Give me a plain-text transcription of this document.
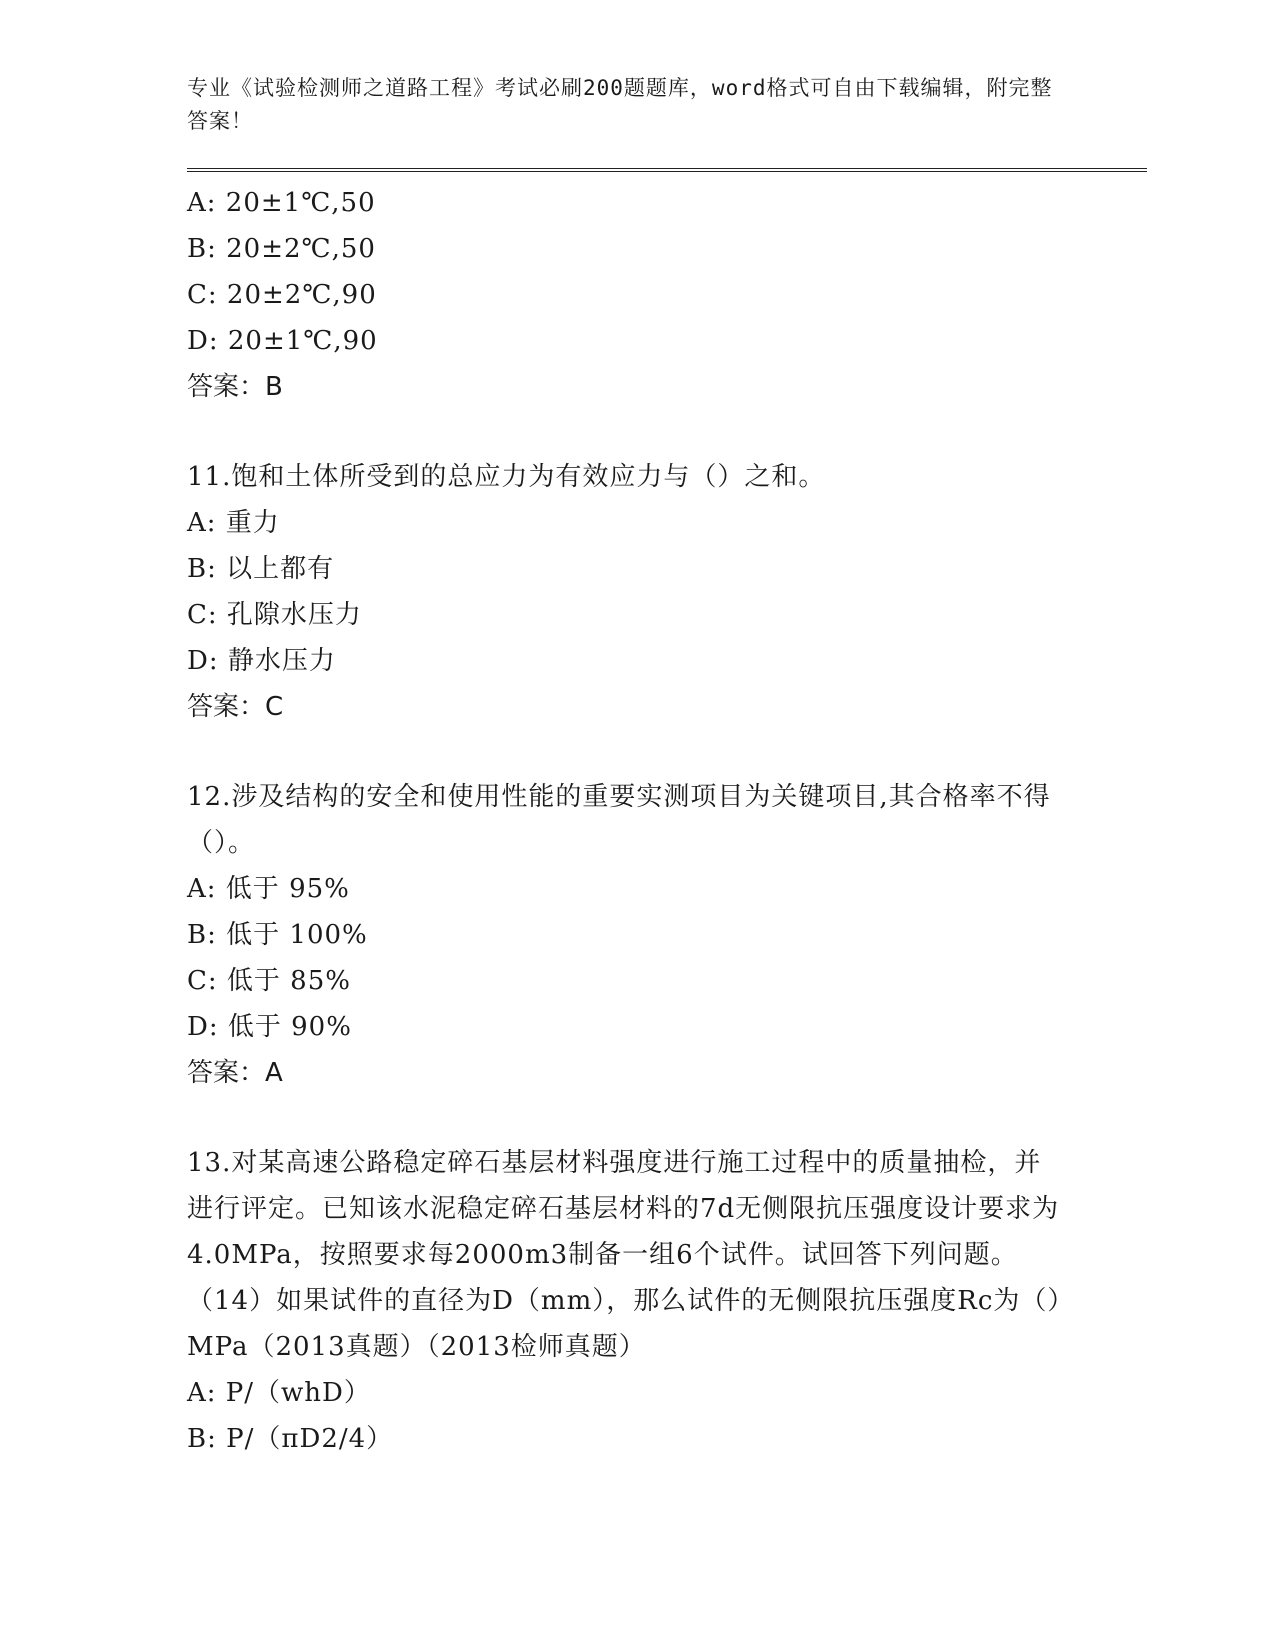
专业《试验检测师之道路工程》考试必刷200题题库，word格式可自由下载编辑，附完整答案！
A: 20±1℃,50
B: 20±2℃,50
C: 20±2℃,90
D: 20±1℃,90
答案：B
11.饱和土体所受到的总应力为有效应力与（）之和。
A: 重力
B: 以上都有
C: 孔隙水压力
D: 静水压力
答案：C
12.涉及结构的安全和使用性能的重要实测项目为关键项目,其合格率不得（）。
A: 低于 95%
B: 低于 100%
C: 低于 85%
D: 低于 90%
答案：A
13.对某高速公路稳定碎石基层材料强度进行施工过程中的质量抽检，并进行评定。已知该水泥稳定碎石基层材料的7d无侧限抗压强度设计要求为4.0MPa，按照要求每2000m3制备一组6个试件。试回答下列问题。（14）如果试件的直径为D（mm），那么试件的无侧限抗压强度Rc为（）MPa（2013真题）（2013检师真题）
A: P/（whD）
B: P/（πD2/4）
